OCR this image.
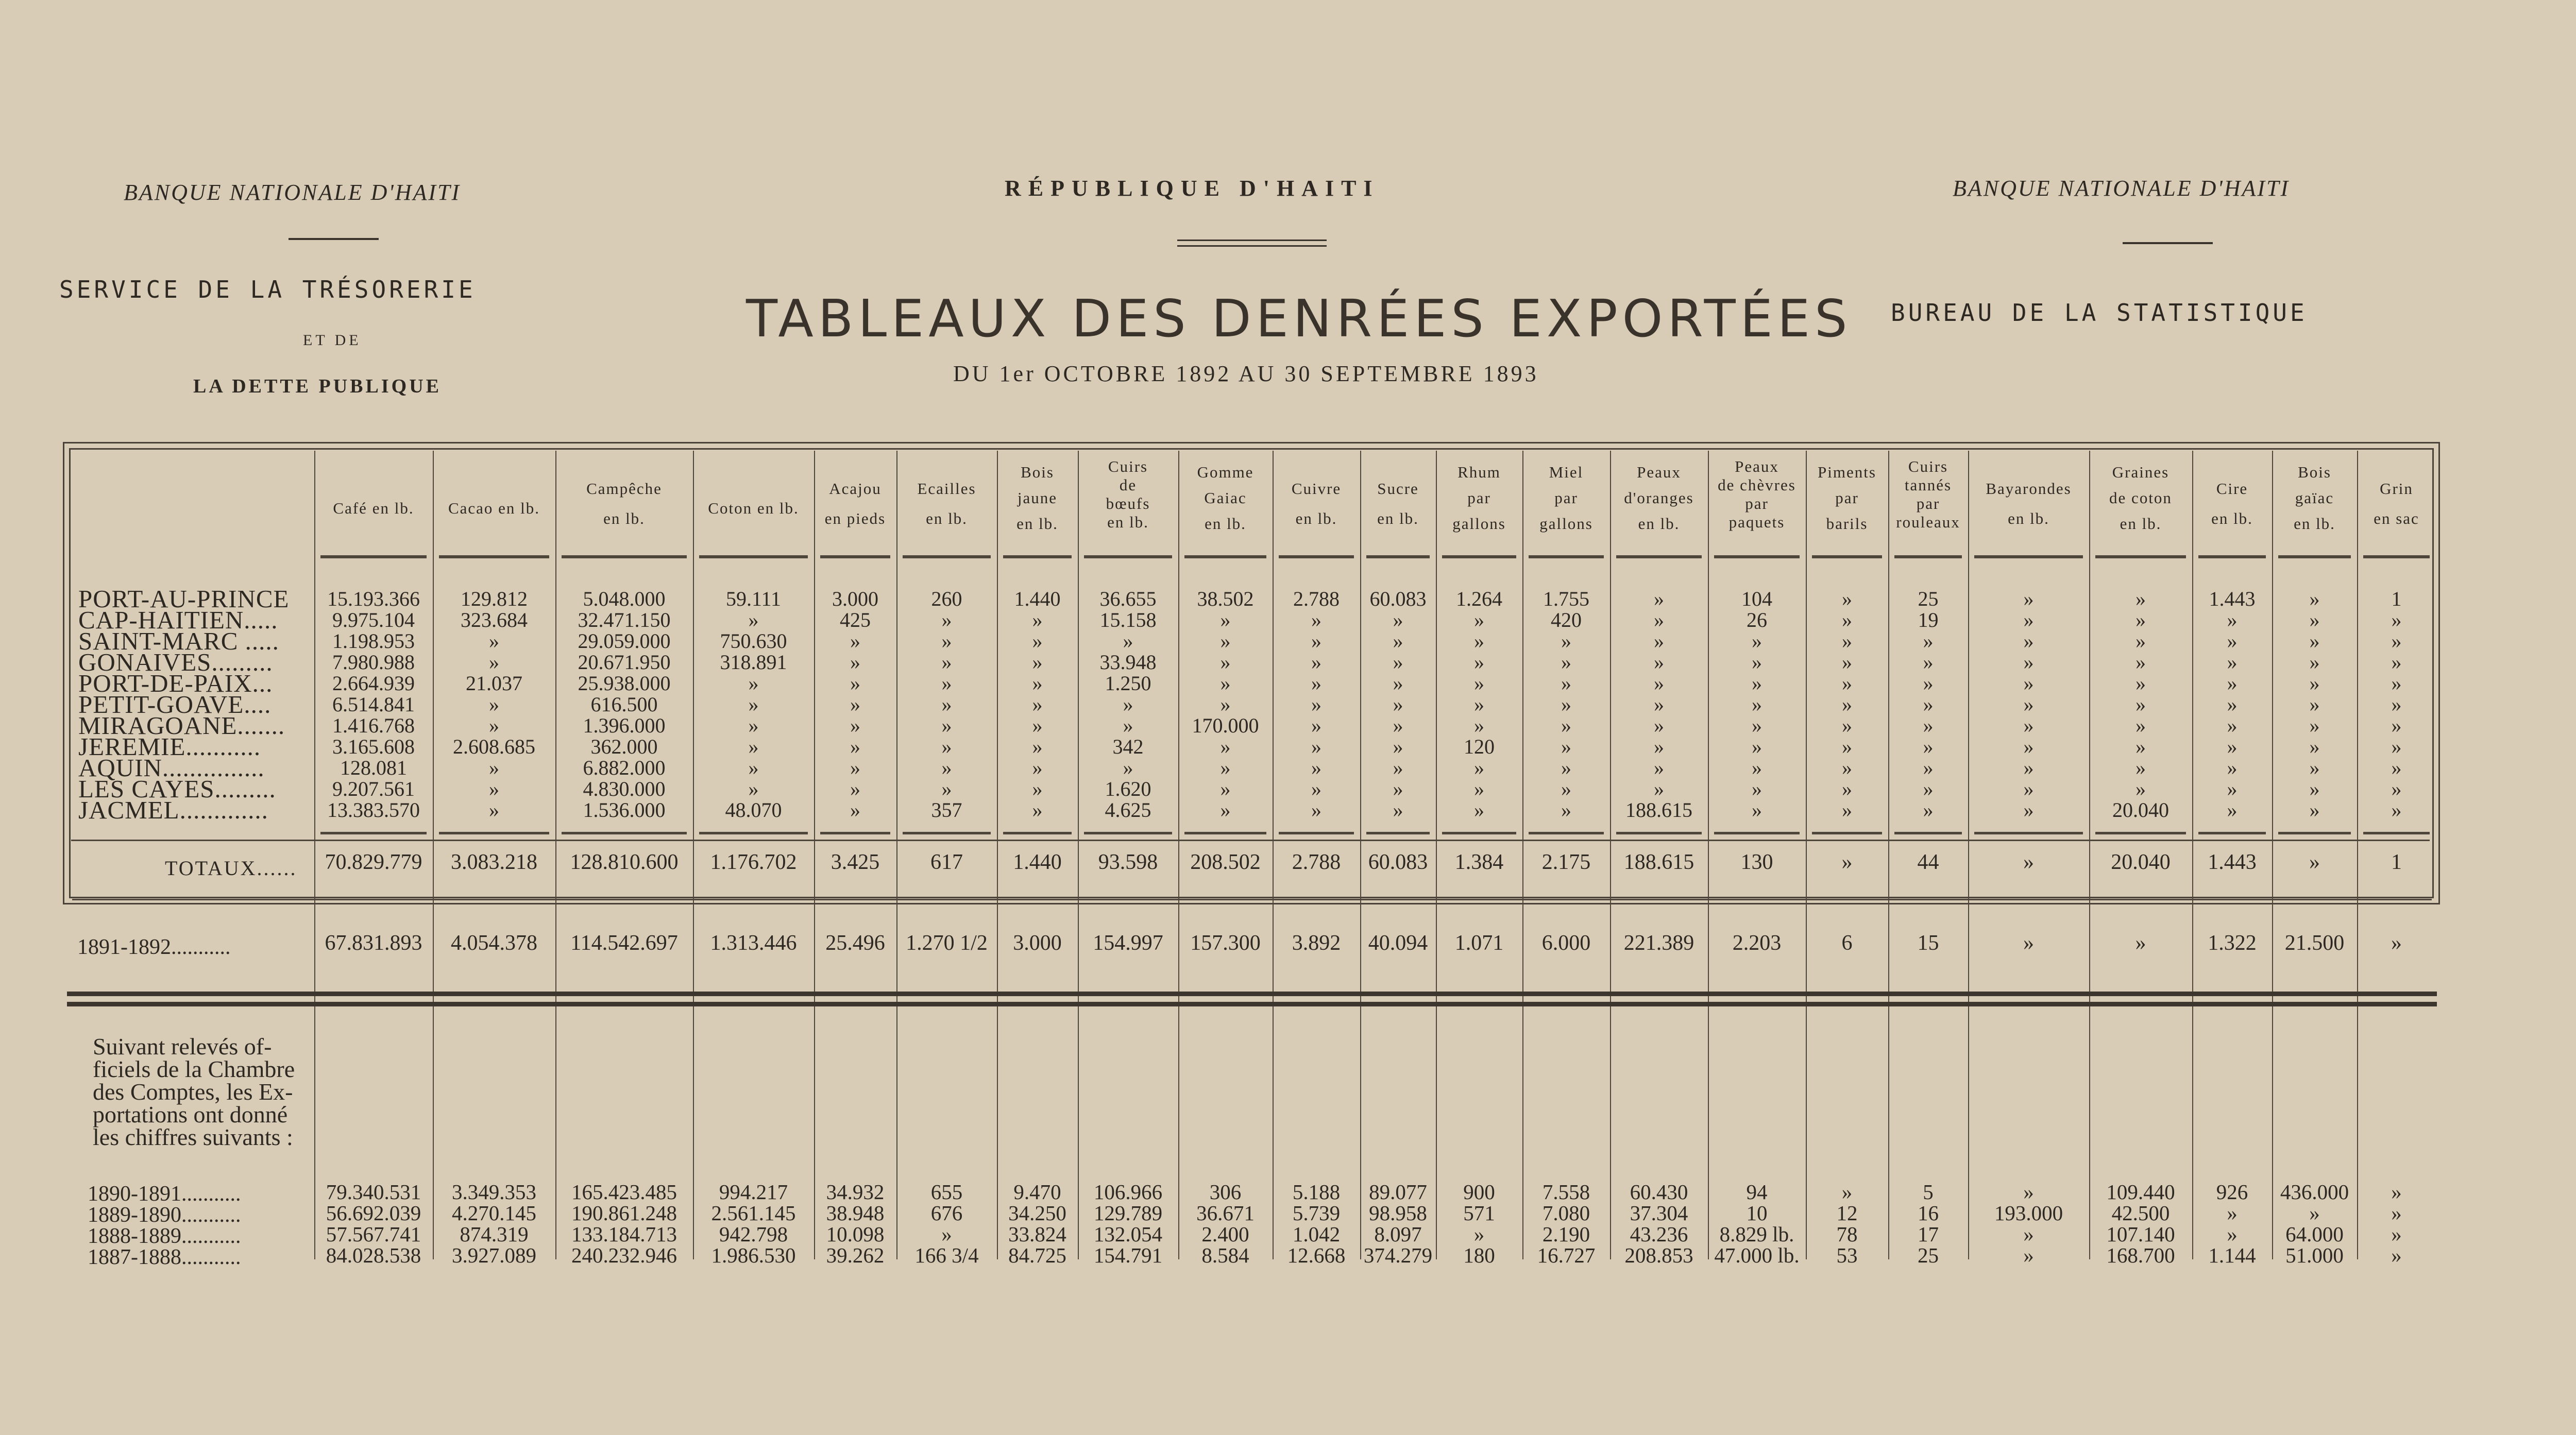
BANQUE NATIONALE D'HAITI	RÉPUBLIQUE D'HAITI	BANQUE NATIONALE D'HAITI
SERVICE DE LA TRÉSORERIE
ET DE
LA DETTE PUBLIQUE
TABLEAUX DES DENRÉES EXPORTÉES
DU 1er OCTOBRE 1892 AU 30 SEPTEMBRE 1893
BUREAU DE LA STATISTIQUE
Café en lb.
15.193.366
9.975.104
1.198.953
7.980.988
2.664.939
6.514.841
1.416.768
3.165.608
128.081
9.207.561
13.383.570
70.829.779
67.831.893
79.340.531
56.692.039
57.567.741
84.028.538
Cacao en lb.
129.812
323.684
»
»
21.037
»
»
2.608.685
»
»
»
3.083.218
4.054.378
3.349.353
4.270.145
874.319
3.927.089
Campêche
en lb.
5.048.000
32.471.150
29.059.000
20.671.950
25.938.000
616.500
1.396.000
362.000
6.882.000
4.830.000
1.536.000
128.810.600
114.542.697
165.423.485
190.861.248
133.184.713
240.232.946
Coton en lb.
59.111
»
750.630
318.891
»
»
»
»
»
»
48.070
1.176.702
1.313.446
994.217
2.561.145
942.798
1.986.530
Acajou
en pieds
3.000
425
»
»
»
»
»
»
»
»
»
3.425
25.496
34.932
38.948
10.098
39.262
Ecailles
en lb.
260
»
»
»
»
»
»
»
»
»
357
617
1.270 1/2
655
676
»
166 3/4
Bois
jaune
en lb.
1.440
»
»
»
»
»
»
»
»
»
»
1.440
3.000
9.470
34.250
33.824
84.725
Cuirs
de
bœufs
en lb.
36.655
15.158
»
33.948
1.250
»
»
342
»
1.620
4.625
93.598
154.997
106.966
129.789
132.054
154.791
Gomme
Gaiac
en lb.
38.502
»
»
»
»
»
170.000
»
»
»
»
208.502
157.300
306
36.671
2.400
8.584
Cuivre
en lb.
2.788
»
»
»
»
»
»
»
»
»
»
2.788
3.892
5.188
5.739
1.042
12.668
Sucre
en lb.
60.083
»
»
»
»
»
»
»
»
»
»
60.083
40.094
89.077
98.958
8.097
374.279
Rhum
par
gallons
1.264
»
»
»
»
»
»
120
»
»
»
1.384
1.071
900
571
»
180
Miel
par
gallons
1.755
420
»
»
»
»
»
»
»
»
»
2.175
6.000
7.558
7.080
2.190
16.727
Peaux
d'oranges
en lb.
»
»
»
»
»
»
»
»
»
»
188.615
188.615
221.389
60.430
37.304
43.236
208.853
Peaux
de chèvres
par
paquets
104
26
»
»
»
»
»
»
»
»
»
130
2.203
94
10
8.829 lb.
47.000 lb.
Piments
par
barils
»
»
»
»
»
»
»
»
»
»
»
»
6
»
12
78
53
Cuirs
tannés
par
rouleaux
25
19
»
»
»
»
»
»
»
»
»
44
15
5
16
17
25
Bayarondes
en lb.
»
»
»
»
»
»
»
»
»
»
»
»
»
»
193.000
»
»
Graines
de coton
en lb.
»
»
»
»
»
»
»
»
»
»
20.040
20.040
»
109.440
42.500
107.140
168.700
Cire
en lb.
1.443
»
»
»
»
»
»
»
»
»
»
1.443
1.322
926
»
»
1.144
Bois
gaïac
en lb.
»
»
»
»
»
»
»
»
»
»
»
»
21.500
436.000
»
64.000
51.000
Grin
en sac
1
»
»
»
»
»
»
»
»
»
»
1
»
»
»
»
»
PORT-AU-PRINCE
CAP-HAITIEN.....
SAINT-MARC .....
GONAIVES.........
PORT-DE-PAIX...
PETIT-GOAVE....
MIRAGOANE.......
JEREMIE...........
AQUIN...............
LES CAYES.........
JACMEL.............
TOTAUX......
1891-1892...........
Suivant relevés of-
ficiels de la Chambre
des Comptes, les Ex-
portations ont donné
les chiffres suivants :
1890-1891...........
1889-1890...........
1888-1889...........
1887-1888...........
